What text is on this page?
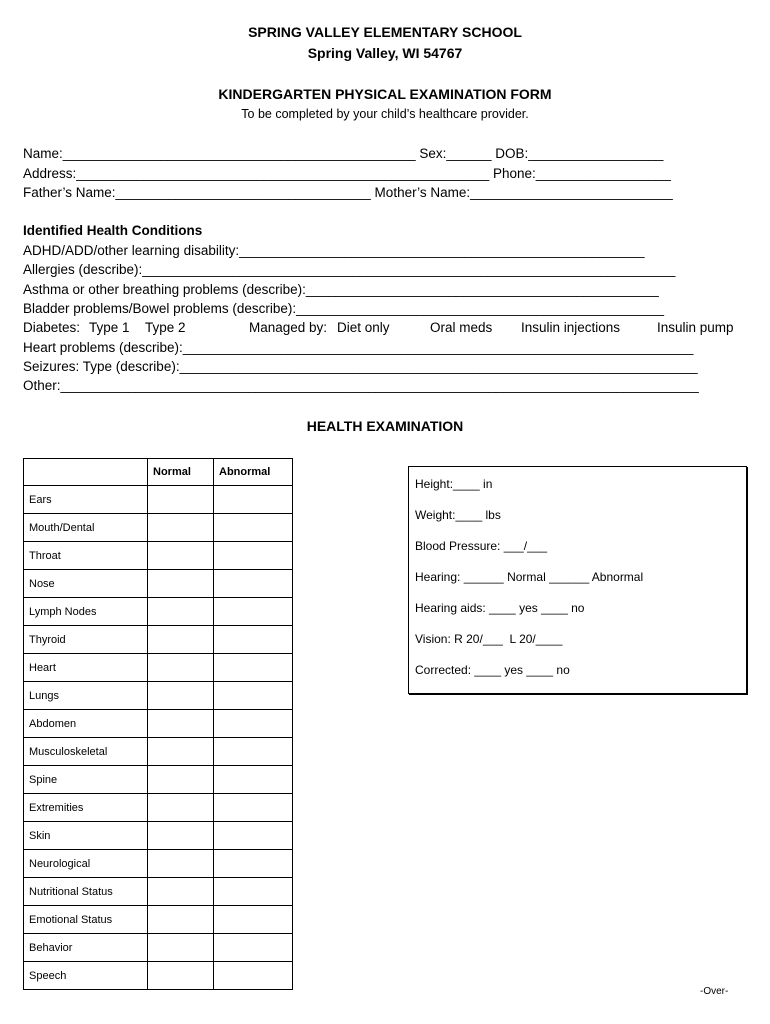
SPRING VALLEY ELEMENTARY SCHOOL
Spring Valley, WI 54767
KINDERGARTEN PHYSICAL EXAMINATION FORM
To be completed by your child’s healthcare provider.
Name:_______________________________________________ Sex:______ DOB:__________________
Address:_______________________________________________________ Phone:__________________
Father’s Name:__________________________________ Mother’s Name:___________________________
Identified Health Conditions
ADHD/ADD/other learning disability:______________________________________________________
Allergies (describe):_______________________________________________________________________
Asthma or other breathing problems (describe):_______________________________________________
Bladder problems/Bowel problems (describe):_________________________________________________
Diabetes: Type 1 Type 2	Managed by: Diet only	Oral meds Insulin injections	Insulin pump
Heart problems (describe):____________________________________________________________________
Seizures: Type (describe):_____________________________________________________________________
Other:_____________________________________________________________________________________
HEALTH EXAMINATION
	Normal	Abnormal
Ears		
Mouth/Dental		
Throat		
Nose		
Lymph Nodes		
Thyroid		
Heart		
Lungs		
Abdomen		
Musculoskeletal		
Spine		
Extremities		
Skin		
Neurological		
Nutritional Status		
Emotional Status		
Behavior		
Speech		
Height:____ in
Weight:____ lbs
Blood Pressure: ___/___
Hearing: ______ Normal ______ Abnormal
Hearing aids: ____ yes ____ no
Vision: R 20/___  L 20/____
Corrected: ____ yes ____ no
-Over-
